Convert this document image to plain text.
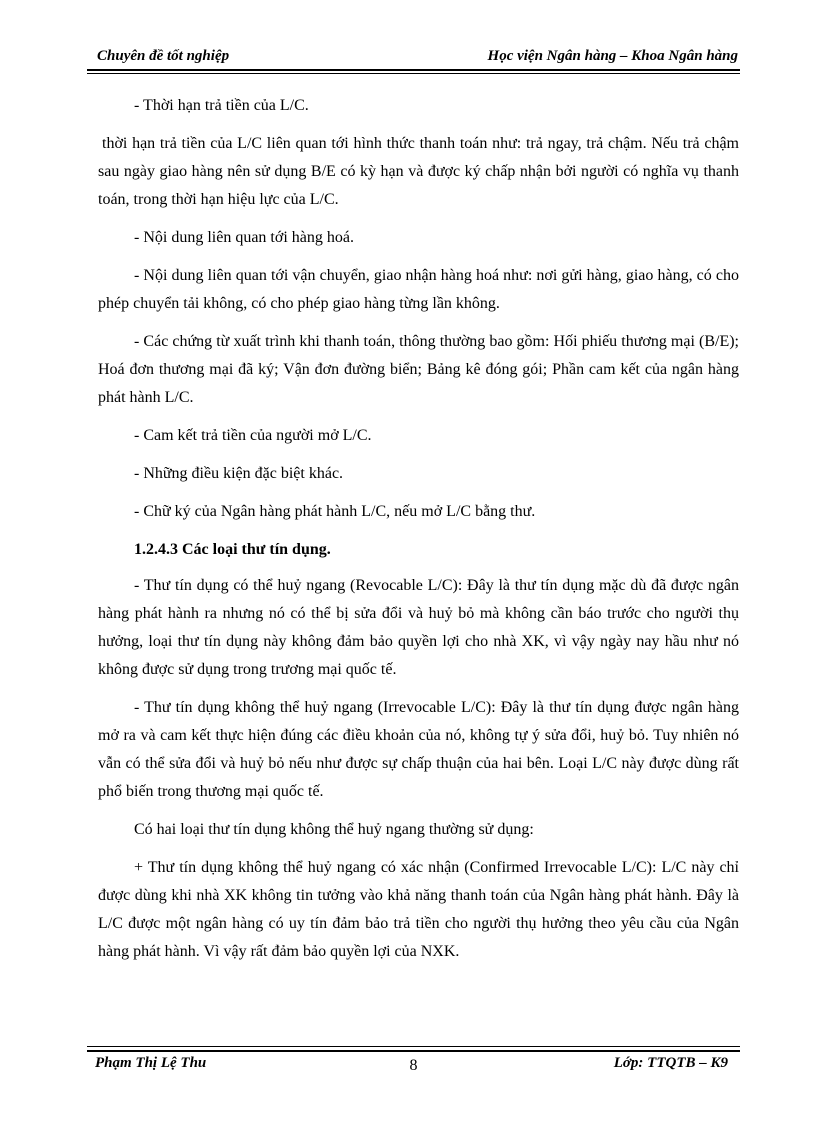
Chuyên đề tốt nghiệp	Học viện Ngân hàng – Khoa Ngân hàng

- Thời hạn trả tiền của L/C.

thời hạn trả tiền của L/C liên quan tới hình thức thanh toán như: trả ngay, trả chậm. Nếu trả chậm sau ngày giao hàng nên sử dụng B/E có kỳ hạn và được ký chấp nhận bởi người có nghĩa vụ thanh toán, trong thời hạn hiệu lực của L/C.

- Nội dung liên quan tới hàng hoá.

- Nội dung liên quan tới vận chuyển, giao nhận hàng hoá như: nơi gửi hàng, giao hàng, có cho phép chuyển tải không, có cho phép giao hàng từng lần không.

- Các chứng từ xuất trình khi thanh toán, thông thường bao gồm: Hối phiếu thương mại (B/E); Hoá đơn thương mại đã ký; Vận đơn đường biển; Bảng kê đóng gói; Phần cam kết của ngân hàng phát hành L/C.

- Cam kết trả tiền của người mở L/C.

- Những điều kiện đặc biệt khác.

- Chữ ký của Ngân hàng phát hành L/C, nếu mở L/C bằng thư.

1.2.4.3 Các loại thư tín dụng.

- Thư tín dụng có thể huỷ ngang (Revocable L/C): Đây là thư tín dụng mặc dù đã được ngân hàng phát hành ra nhưng nó có thể bị sửa đổi và huỷ bỏ mà không cần báo trước cho người thụ hưởng, loại thư tín dụng này không đảm bảo quyền lợi cho nhà XK, vì vậy ngày nay hầu như nó không được sử dụng trong trương mại quốc tế.

- Thư tín dụng không thể huỷ ngang (Irrevocable L/C): Đây là thư tín dụng được ngân hàng mở ra và cam kết thực hiện đúng các điều khoản của nó, không tự ý sửa đổi, huỷ bỏ. Tuy nhiên nó vẫn có thể sửa đổi và huỷ bỏ nếu như được sự chấp thuận của hai bên. Loại L/C này được dùng rất phổ biến trong thương mại quốc tế.

Có hai loại thư tín dụng không thể huỷ ngang thường sử dụng:

+ Thư tín dụng không thể huỷ ngang có xác nhận (Confirmed Irrevocable L/C): L/C này chỉ được dùng khi nhà XK không tin tưởng vào khả năng thanh toán của Ngân hàng phát hành. Đây là L/C được một ngân hàng có uy tín đảm bảo trả tiền cho người thụ hưởng theo yêu cầu của Ngân hàng phát hành. Vì vậy rất đảm bảo quyền lợi của NXK.

Phạm Thị Lệ Thu	8	Lớp: TTQTB – K9
